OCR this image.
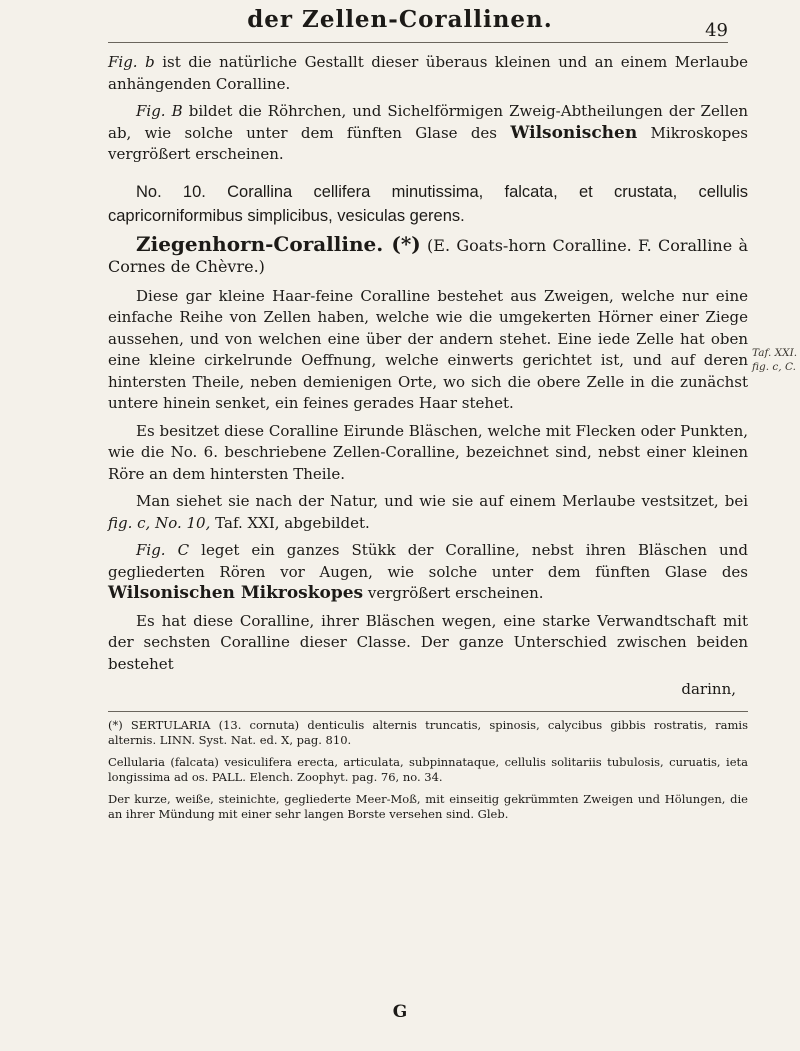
der Zellen-Corallinen.	49
Taf. XXI.
fig. c, C.

Fig. b ist die natürliche Gestallt dieser überaus kleinen und an einem Merlaube anhängenden Coralline.

Fig. B bildet die Röhrchen, und Sichelförmigen Zweig-Abtheilungen der Zellen ab, wie solche unter dem fünften Glase des Wilsonischen Mikroskopes vergrößert erscheinen.

No. 10. Corallina cellifera minutissima, falcata, et crustata, cellulis capricorniformibus simplicibus, vesiculas gerens.

Ziegenhorn-Coralline. (*) (E. Goats-horn Coralline. F. Coralline à Cornes de Chèvre.)

Diese gar kleine Haar-feine Coralline bestehet aus Zweigen, welche nur eine einfache Reihe von Zellen haben, welche wie die umgekerten Hörner einer Ziege aussehen, und von welchen eine über der andern stehet. Eine iede Zelle hat oben eine kleine cirkelrunde Oeffnung, welche einwerts gerichtet ist, und auf deren hintersten Theile, neben demienigen Orte, wo sich die obere Zelle in die zunächst untere hinein senket, ein feines gerades Haar stehet.

Es besitzet diese Coralline Eirunde Bläschen, welche mit Flecken oder Punkten, wie die No. 6. beschriebene Zellen-Coralline, bezeichnet sind, nebst einer kleinen Röre an dem hintersten Theile.

Man siehet sie nach der Natur, und wie sie auf einem Merlaube vestsitzet, bei fig. c, No. 10, Taf. XXI, abgebildet.

Fig. C leget ein ganzes Stükk der Coralline, nebst ihren Bläschen und gegliederten Rören vor Augen, wie solche unter dem fünften Glase des Wilsonischen Mikroskopes vergrößert erscheinen.

Es hat diese Coralline, ihrer Bläschen wegen, eine starke Verwandtschaft mit der sechsten Coralline dieser Classe. Der ganze Unterschied zwischen beiden bestehet

darinn,

(*) SERTULARIA (13. cornuta) denticulis alternis truncatis, spinosis, calycibus gibbis rostratis, ramis alternis. LINN. Syst. Nat. ed. X, pag. 810.

Cellularia (falcata) vesiculifera erecta, articulata, subpinnataque, cellulis solitariis tubulosis, curuatis, ieta longissima ad os. PALL. Elench. Zoophyt. pag. 76, no. 34.

Der kurze, weiße, steinichte, gegliederte Meer-Moß, mit einseitig gekrümmten Zweigen und Hölungen, die an ihrer Mündung mit einer sehr langen Borste versehen sind. Gleb.

G
